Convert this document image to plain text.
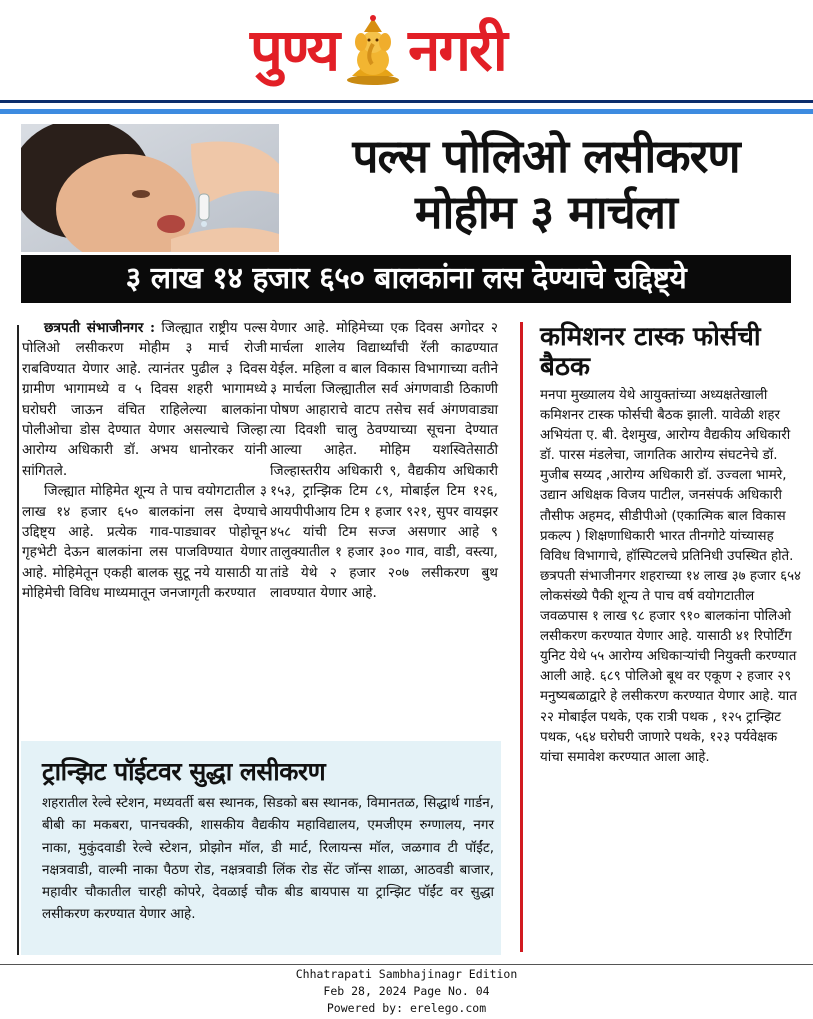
पुण्य नगरी
पल्स पोलिओ लसीकरण
मोहीम ३ मार्चला
३ लाख १४ हजार ६५० बालकांना लस देण्याचे उद्दिष्ट्ये

छत्रपती संभाजीनगर : जिल्ह्यात राष्ट्रीय पल्स पोलिओ लसीकरण मोहीम ३ मार्च रोजी राबविण्यात येणार आहे. त्यानंतर पुढील ३ दिवस ग्रामीण भागामध्ये व ५ दिवस शहरी भागामध्ये घरोघरी जाऊन वंचित राहिलेल्या बालकांना पोलीओचा डोस देण्यात येणार असल्याचे जिल्हा आरोग्य अधिकारी डॉ. अभय धानोरकर यांनी सांगितले.

जिल्ह्यात मोहिमेत शून्य ते पाच वयोगटातील ३ लाख १४ हजार ६५० बालकांना लस देण्याचे उद्दिष्ट्य आहे. प्रत्येक गाव-पाड्यावर पोहोचून गृहभेटी देऊन बालकांना लस पाजविण्यात येणार आहे. मोहिमेतून एकही बालक सुटू नये यासाठी या मोहिमेची विविध माध्यमातून जनजागृती करण्यात

येणार आहे. मोहिमेच्या एक दिवस अगोदर २ मार्चला शालेय विद्यार्थ्यांची रॅली काढण्यात येईल. महिला व बाल विकास विभागाच्या वतीने ३ मार्चला जिल्ह्यातील सर्व अंगणवाडी ठिकाणी पोषण आहाराचे वाटप तसेच सर्व अंगणवाड्या त्या दिवशी चालु ठेवण्याच्या सूचना देण्यात आल्या आहेत. मोहिम यशस्वितेसाठी जिल्हास्तरीय अधिकारी ९, वैद्यकीय अधिकारी १५३, ट्रान्झिक टिम ८९, मोबाईल टिम १२६, आयपीपीआय टिम १ हजार ९२१, सुपर वायझर ४५८ यांची टिम सज्ज असणार आहे ९ तालुक्यातील १ हजार ३०० गाव, वाडी, वस्त्या, तांडे येथे २ हजार २०७ लसीकरण बुथ लावण्यात येणार आहे.

ट्रान्झिट पॉईटवर सुद्धा लसीकरण
शहरातील रेल्वे स्टेशन, मध्यवर्ती बस स्थानक, सिडको बस स्थानक, विमानतळ, सिद्धार्थ गार्डन, बीबी का मकबरा, पानचक्की, शासकीय वैद्यकीय महाविद्यालय, एमजीएम रुग्णालय, नगर नाका, मुकुंदवाडी रेल्वे स्टेशन, प्रोझोन मॉल, डी मार्ट, रिलायन्स मॉल, जळगाव टी पॉईंट, नक्षत्रवाडी, वाल्मी नाका पैठण रोड, नक्षत्रवाडी लिंक रोड सेंट जॉन्स शाळा, आठवडी बाजार, महावीर चौकातील चारही कोपरे, देवळाई चौक बीड बायपास या ट्रान्झिट पॉईंट वर सुद्धा लसीकरण करण्यात येणार आहे.
कमिशनर टास्क फोर्सची बैठक

मनपा मुख्यालय येथे आयुक्तांच्या अध्यक्षतेखाली कमिशनर टास्क फोर्सची बैठक झाली. यावेळी शहर अभियंता ए. बी. देशमुख, आरोग्य वैद्यकीय अधिकारी डॉ. पारस मंडलेचा, जागतिक आरोग्य संघटनेचे डॉ. मुजीब सय्यद ,आरोग्य अधिकारी डॉ. उज्वला भामरे, उद्यान अधिक्षक विजय पाटील, जनसंपर्क अधिकारी तौसीफ अहमद, सीडीपीओ (एकात्मिक बाल विकास प्रकल्प ) शिक्षणाधिकारी भारत तीनगोटे यांच्यासह विविध विभागाचे, हॉस्पिटलचे प्रतिनिधी उपस्थित होते.

छत्रपती संभाजीनगर शहराच्या १४ लाख ३७ हजार ६५४ लोकसंख्ये पैकी शून्य ते पाच वर्ष वयोगटातील जवळपास १ लाख ९८ हजार ९१० बालकांना पोलिओ लसीकरण करण्यात येणार आहे. यासाठी ४१ रिपोर्टिंग युनिट येथे ५५ आरोग्य अधिकाऱ्यांची नियुक्ती करण्यात आली आहे. ६८९ पोलिओ बूथ वर एकूण २ हजार २९ मनुष्यबळाद्वारे हे लसीकरण करण्यात येणार आहे. यात २२ मोबाईल पथके, एक रात्री पथक , १२५ ट्रान्झिट पथक, ५६४ घरोघरी जाणारे पथके, १२३ पर्यवेक्षक यांचा समावेश करण्यात आला आहे.

Chhatrapati Sambhajinagr Edition
Feb 28, 2024 Page No. 04
Powered by: erelego.com
